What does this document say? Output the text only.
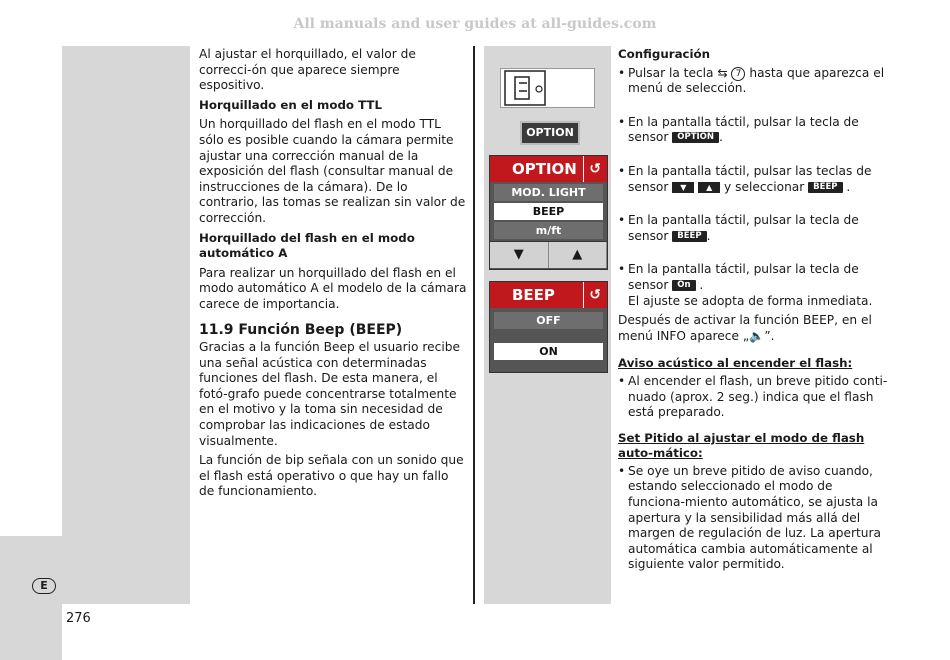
All manuals and user guides at all-guides.com
E
276

Al ajustar el horquillado, el valor de correcci-ón que aparece siempre espositivo.

Horquillado en el modo TTL

Un horquillado del flash en el modo TTL sólo es posible cuando la cámara permite ajustar una corrección manual de la exposición del flash (consultar manual de instrucciones de la cámara). De lo contrario, las tomas se realizan sin valor de corrección.

Horquillado del flash en el modo automático A

Para realizar un horquillado del flash en el modo automático A el modelo de la cámara carece de importancia.

11.9 Función Beep (BEEP)

Gracias a la función Beep el usuario recibe una señal acústica con determinadas funciones del flash. De esta manera, el fotó-grafo puede concentrarse totalmente en el motivo y la toma sin necesidad de comprobar las indicaciones de estado visualmente.

La función de bip señala con un sonido que el flash está operativo o que hay un fallo de funcionamiento.

OPTION
OPTION ↺
MOD. LIGHT
BEEP
m/ft
▼	▲
BEEP	↺
OFF
ON
Configuración
• Pulsar la tecla ⇆ 7 hasta que aparezca el menú de selección.
• En la pantalla táctil, pulsar la tecla de sensor OPTION .
• En la pantalla táctil, pulsar las teclas de sensor ▼ ▲ y seleccionar BEEP .
• En la pantalla táctil, pulsar la tecla de sensor BEEP .
• En la pantalla táctil, pulsar la tecla de sensor On .
El ajuste se adopta de forma inmediata.
Después de activar la función BEEP, en el menú INFO aparece „🔈”.
Aviso acústico al encender el flash:
• Al encender el flash, un breve pitido conti-nuado (aprox. 2 seg.) indica que el flash está preparado.
Set Pitido al ajustar el modo de flash auto-mático:
• Se oye un breve pitido de aviso cuando, estando seleccionado el modo de funciona-miento automático, se ajusta la apertura y la sensibilidad más allá del margen de regulación de luz. La apertura automática cambia automáticamente al siguiente valor permitido.
